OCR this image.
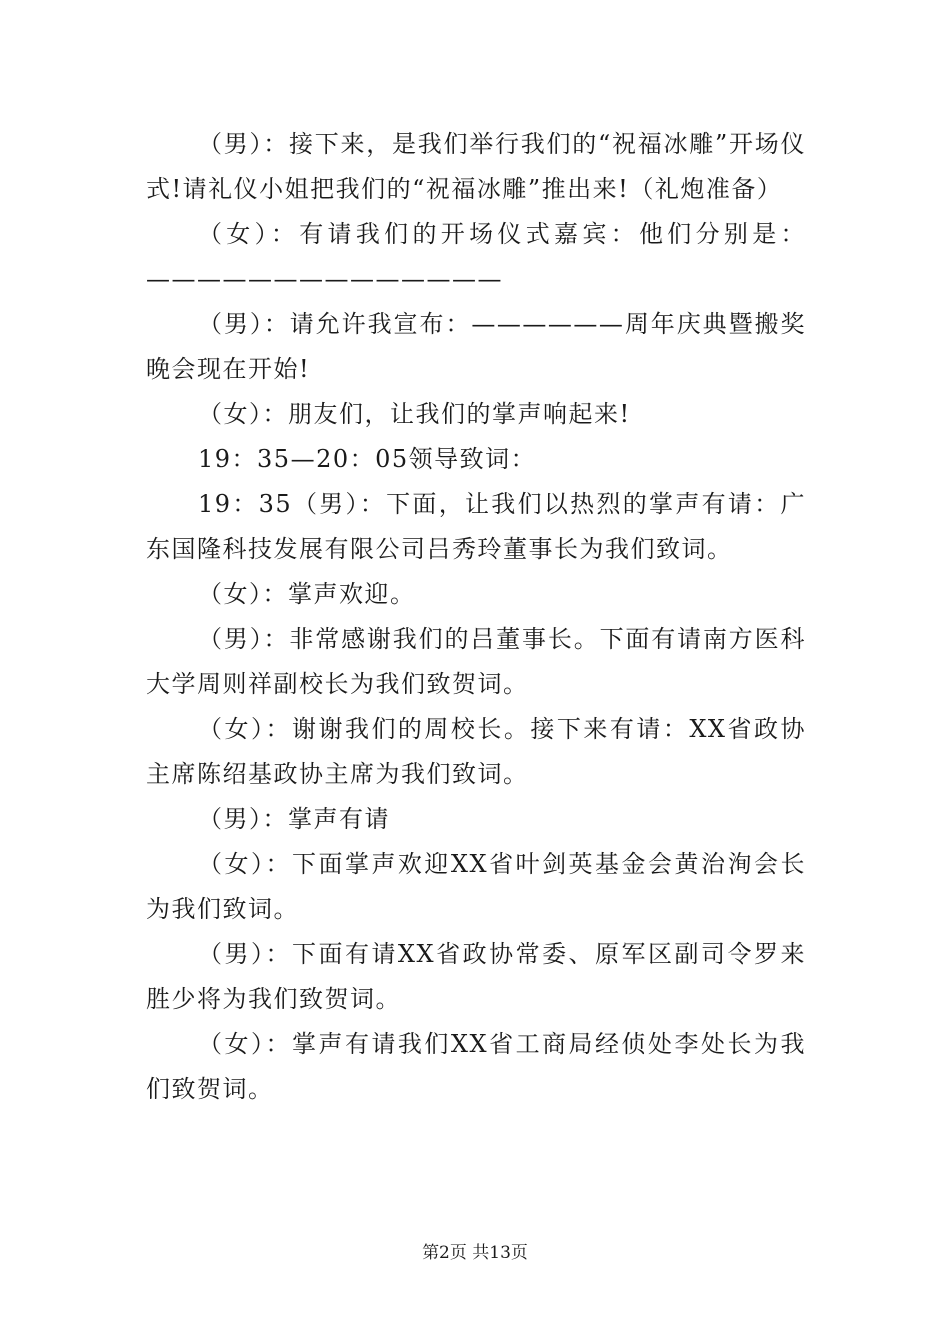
（男）：接下来，是我们举行我们的“祝福冰雕”开场仪式!请礼仪小姐把我们的“祝福冰雕”推出来!（礼炮准备）

（女）：有请我们的开场仪式嘉宾：他们分别是：——————————————

（男）：请允许我宣布：——————周年庆典暨搬奖晚会现在开始!

（女）：朋友们，让我们的掌声响起来!

19：35—20：05领导致词：

19：35（男）：下面，让我们以热烈的掌声有请：广东国隆科技发展有限公司吕秀玲董事长为我们致词。

（女）：掌声欢迎。

（男）：非常感谢我们的吕董事长。下面有请南方医科大学周则祥副校长为我们致贺词。

（女）：谢谢我们的周校长。接下来有请：XX省政协主席陈绍基政协主席为我们致词。

（男）：掌声有请

（女）：下面掌声欢迎XX省叶剑英基金会黄治洵会长为我们致词。

（男）：下面有请XX省政协常委、原军区副司令罗来胜少将为我们致贺词。

（女）：掌声有请我们XX省工商局经侦处李处长为我们致贺词。

第2页 共13页
